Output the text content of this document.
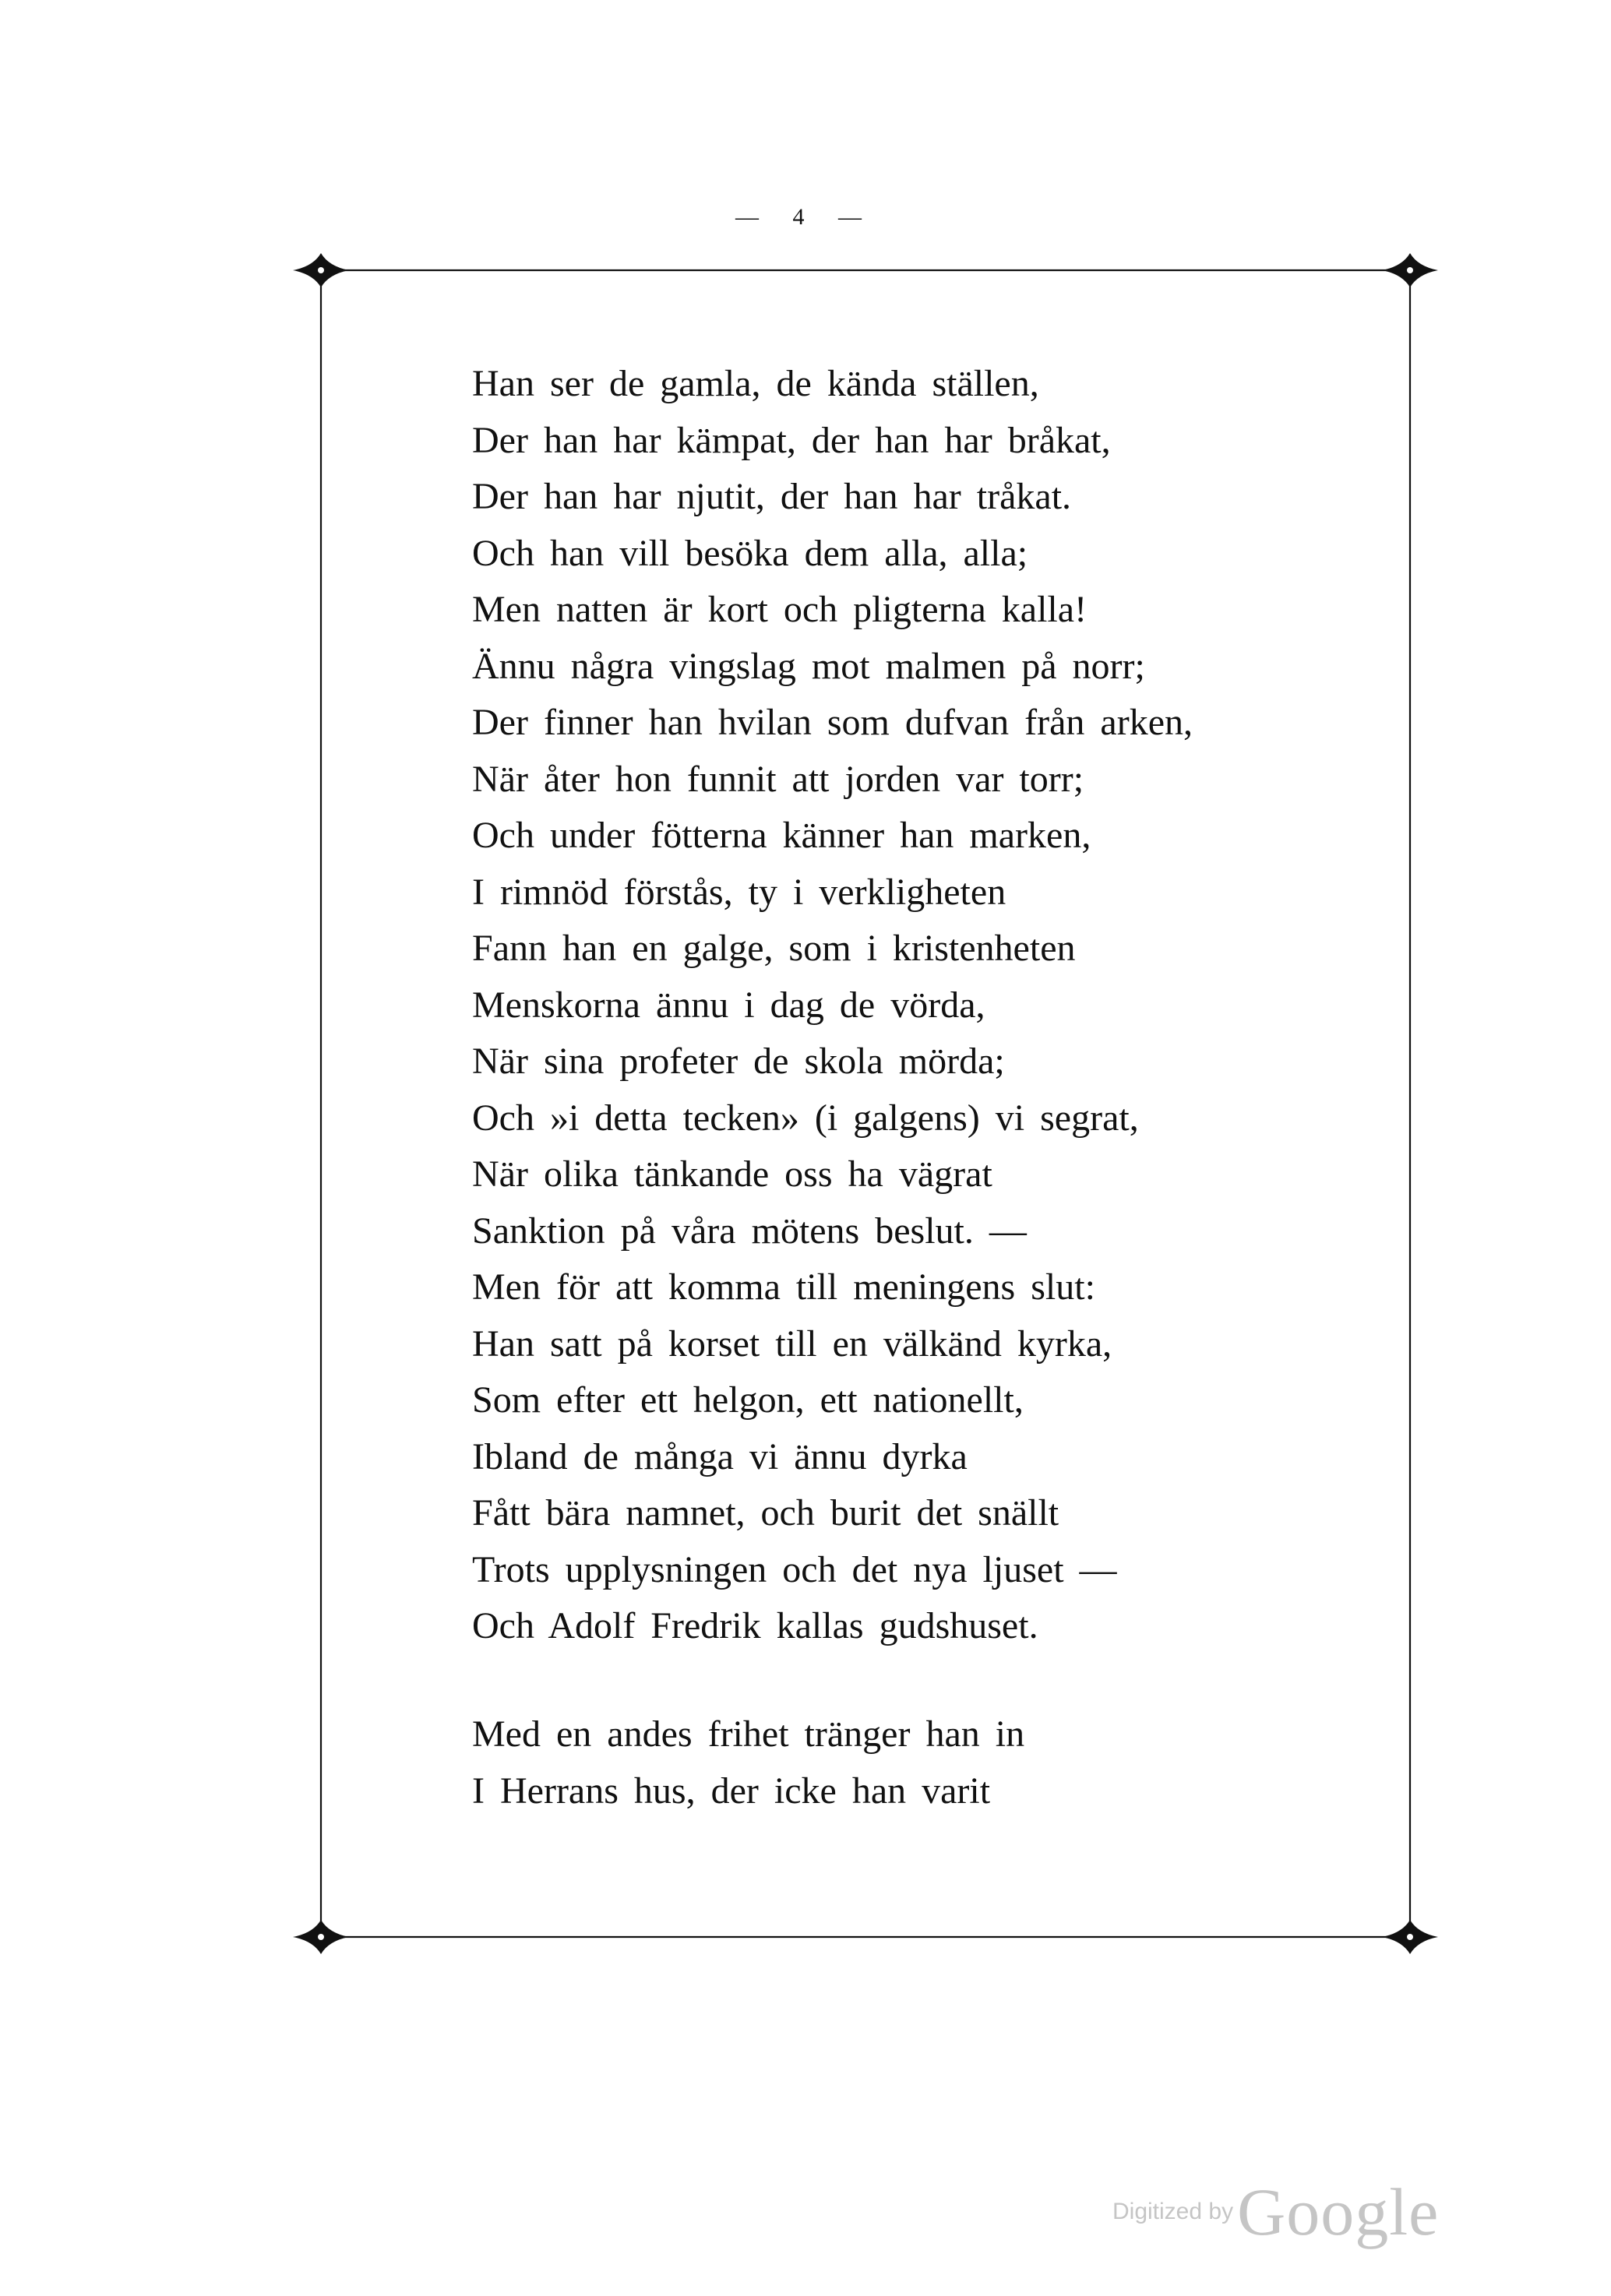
— 4 —
Han ser de gamla, de kända ställen,
Der han har kämpat, der han har bråkat,
Der han har njutit, der han har tråkat.
Och han vill besöka dem alla, alla;
Men natten är kort och pligterna kalla!
Ännu några vingslag mot malmen på norr;
Der finner han hvilan som dufvan från arken,
När åter hon funnit att jorden var torr;
Och under fötterna känner han marken,
I rimnöd förstås, ty i verkligheten
Fann han en galge, som i kristenheten
Menskorna ännu i dag de vörda,
När sina profeter de skola mörda;
Och »i detta tecken» (i galgens) vi segrat,
När olika tänkande oss ha vägrat
Sanktion på våra mötens beslut. —
Men för att komma till meningens slut:
Han satt på korset till en välkänd kyrka,
Som efter ett helgon, ett nationellt,
Ibland de många vi ännu dyrka
Fått bära namnet, och burit det snällt
Trots upplysningen och det nya ljuset —
Och Adolf Fredrik kallas gudshuset.
Med en andes frihet tränger han in
I Herrans hus, der icke han varit
Digitized by Google
